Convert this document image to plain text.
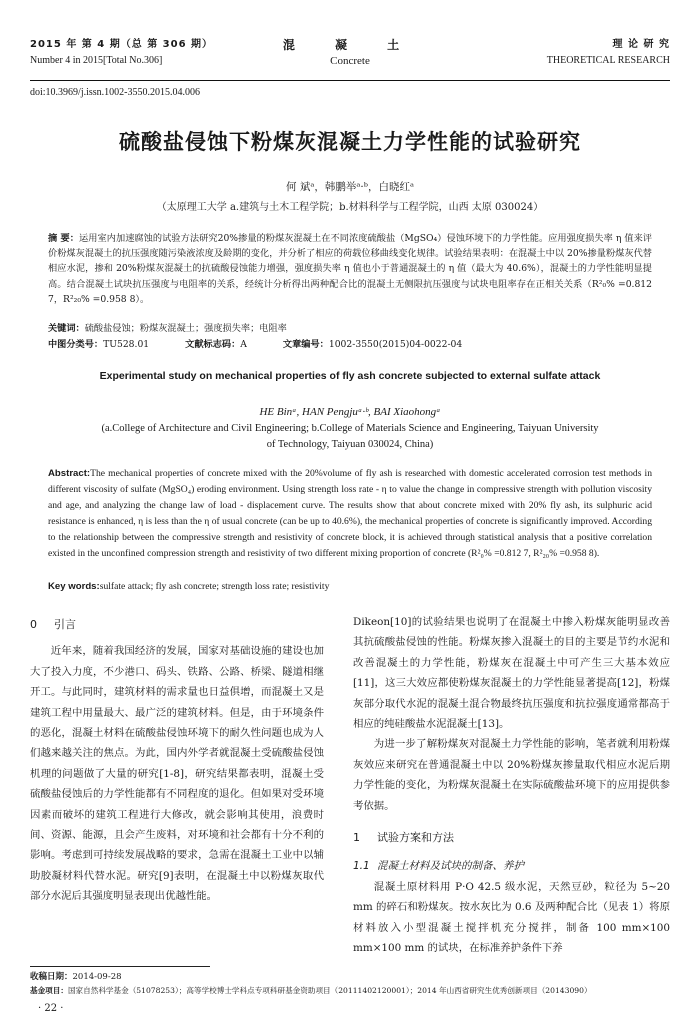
2015 年 第 4 期（总 第 306 期）
Number 4 in 2015[Total No.306]
混 凝 土
Concrete
理 论 研 究
THEORETICAL RESEARCH
doi:10.3969/j.issn.1002-3550.2015.04.006
硫酸盐侵蚀下粉煤灰混凝土力学性能的试验研究
何 斌ᵃ，韩鹏举ᵃ·ᵇ，白晓红ᵃ
（太原理工大学 a.建筑与土木工程学院；b.材料科学与工程学院，山西 太原 030024）
摘 要：运用室内加速腐蚀的试验方法研究20%掺量的粉煤灰混凝土在不同浓度硫酸盐（MgSO₄）侵蚀环境下的力学性能。应用强度损失率 η 值来评价粉煤灰混凝土的抗压强度随污染液浓度及龄期的变化，并分析了相应的荷载位移曲线变化规律。试验结果表明：在混凝土中以 20%掺量粉煤灰代替相应水泥，掺和 20%粉煤灰混凝土的抗硫酸侵蚀能力增强，强度损失率 η 值也小于普通混凝土的 η 值（最大为 40.6%），混凝土的力学性能明显提高。结合混凝土试块抗压强度与电阻率的关系，经统计分析得出两种配合比的混凝土无侧限抗压强度与试块电阻率存在正相关关系（R²₀% =0.812 7，R²₂₀% =0.958 8）。
关键词：硫酸盐侵蚀；粉煤灰混凝土；强度损失率；电阻率
中图分类号：TU528.01	文献标志码：A	文章编号：1002-3550(2015)04-0022-04
Experimental study on mechanical properties of fly ash concrete subjected to external sulfate attack
HE Binᵃ, HAN Pengjuᵃ·ᵇ, BAI Xiaohongᵃ
(a.College of Architecture and Civil Engineering; b.College of Materials Science and Engineering, Taiyuan University of Technology, Taiyuan 030024, China)
Abstract:The mechanical properties of concrete mixed with the 20%volume of fly ash is researched with domestic accelerated corrosion test methods in different viscosity of sulfate (MgSO₄) eroding environment. Using strength loss rate - η to value the change in compressive strength with pollution viscosity and age, and analyzing the change law of load - displacement curve. The results show that about concrete mixed with 20% fly ash, its sulphuric acid resistance is enhanced, η is less than the η of usual concrete (can be up to 40.6%), the mechanical properties of concrete is significantly improved. According to the relationship between the compressive strength and resistivity of concrete block, it is achieved through statistical analysis that a positive correlation existed in the unconfined compression strength and resistivity of two different mixing proportion of concrete (R²₀% =0.812 7, R²₂₀% =0.958 8).
Key words:sulfate attack; fly ash concrete; strength loss rate; resistivity
0 引言

近年来，随着我国经济的发展，国家对基础设施的建设也加大了投入力度，不少港口、码头、铁路、公路、桥梁、隧道相继开工。与此同时，建筑材料的需求量也日益俱增，而混凝土又是建筑工程中用量最大、最广泛的建筑材料。但是，由于环境条件的恶化，混凝土材料在硫酸盐侵蚀环境下的耐久性问题也成为人们越来越关注的焦点。为此，国内外学者就混凝土受硫酸盐侵蚀机理的问题做了大量的研究[1-8]，研究结果都表明，混凝土受硫酸盐侵蚀后的力学性能都有不同程度的退化。但如果对受环境因素而破坏的建筑工程进行大修改，就会影响其使用，浪费时间、资源、能源，且会产生废料，对环境和社会都有十分不利的影响。考虑到可持续发展战略的要求，急需在混凝土工业中以辅助胶凝材料代替水泥。研究[9]表明，在混凝土中以粉煤灰取代部分水泥后其强度明显表现出优越性能。

Dikeon[10]的试验结果也说明了在混凝土中掺入粉煤灰能明显改善其抗硫酸盐侵蚀的性能。粉煤灰掺入混凝土的目的主要是节约水泥和改善混凝土的力学性能，粉煤灰在混凝土中可产生三大基本效应[11]，这三大效应都使粉煤灰混凝土的力学性能显著提高[12]，粉煤灰部分取代水泥的混凝土混合物最终抗压强度和抗拉强度通常都高于相应的纯硅酸盐水泥混凝土[13]。

为进一步了解粉煤灰对混凝土力学性能的影响，笔者就利用粉煤灰效应来研究在普通混凝土中以 20%粉煤灰掺量取代相应水泥后期力学性能的变化，为粉煤灰混凝土在实际硫酸盐环境下的应用提供参考依据。

1 试验方案和方法
1.1 混凝土材料及试块的制备、养护

混凝土原材料用 P·O 42.5 级水泥，天然豆砂，粒径为 5~20 mm 的碎石和粉煤灰。按水灰比为 0.6 及两种配合比（见表 1）将原材料放入小型混凝土搅拌机充分搅拌，制备 100 mm×100 mm×100 mm 的试块，在标准养护条件下养

收稿日期：2014-09-28
基金项目：国家自然科学基金（51078253）；高等学校博士学科点专项科研基金资助项目（20111402120001）；2014 年山西省研究生优秀创新项目（20143090）
· 22 ·
